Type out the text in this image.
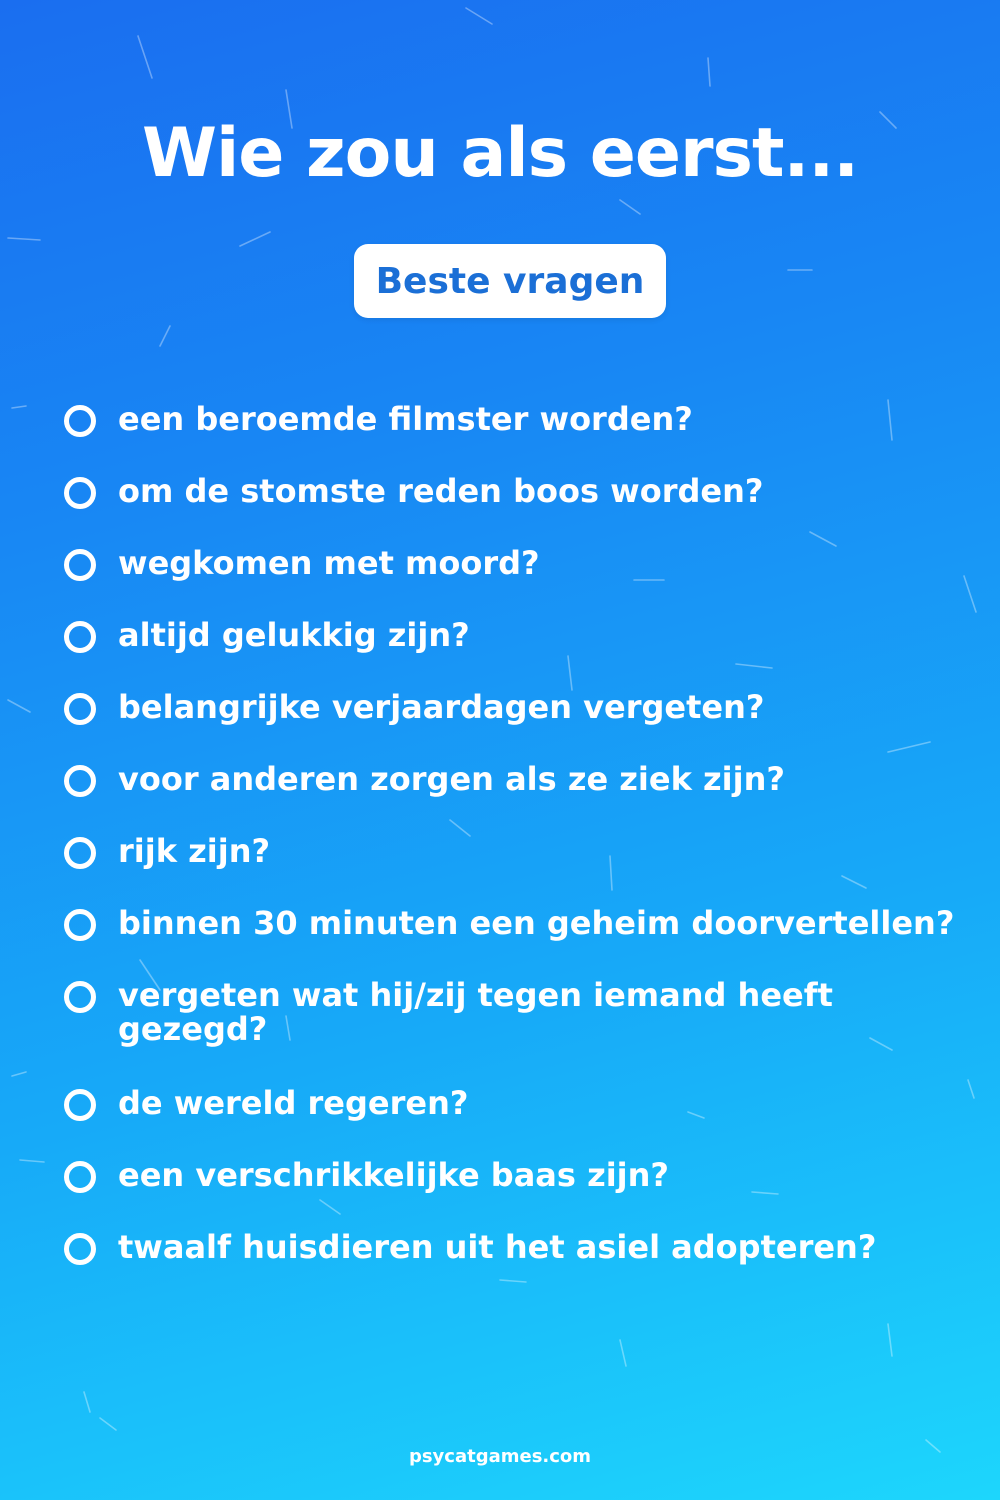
Wie zou als eerst...
Beste vragen
een beroemde filmster worden?
om de stomste reden boos worden?
wegkomen met moord?
altijd gelukkig zijn?
belangrijke verjaardagen vergeten?
voor anderen zorgen als ze ziek zijn?
rijk zijn?
binnen 30 minuten een geheim doorvertellen?
vergeten wat hij/zij tegen iemand heeft gezegd?
de wereld regeren?
een verschrikkelijke baas zijn?
twaalf huisdieren uit het asiel adopteren?
psycatgames.com
